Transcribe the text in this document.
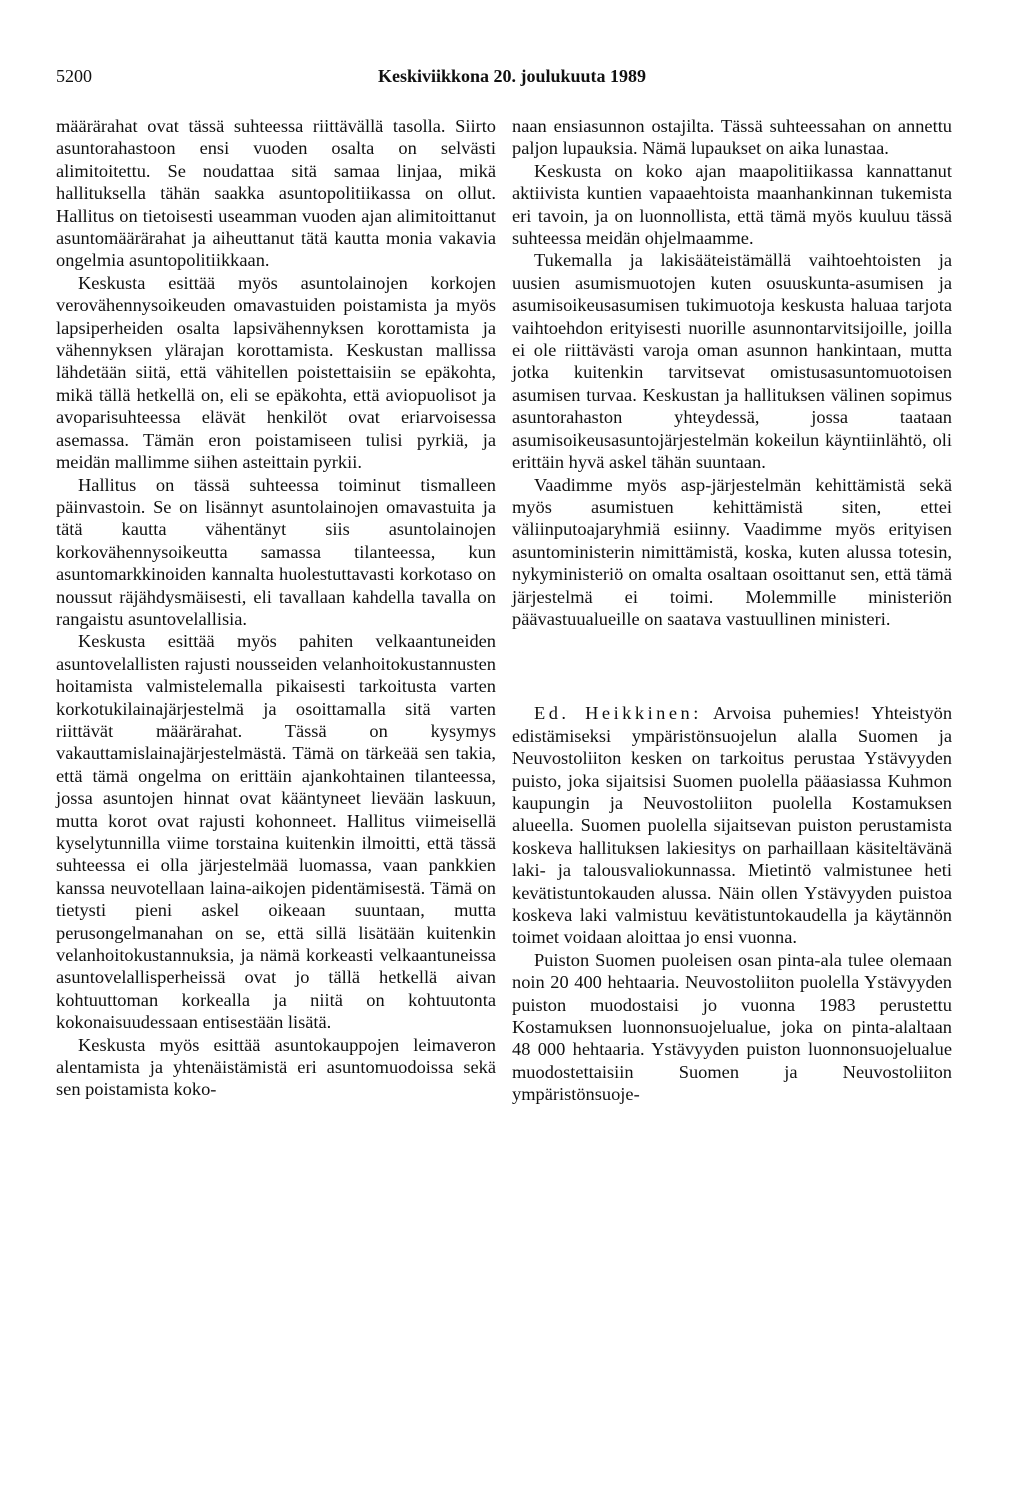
5200	Keskiviikkona 20. joulukuuta 1989

määrärahat ovat tässä suhteessa riittävällä tasolla. Siirto asuntorahastoon ensi vuoden osalta on selvästi alimitoitettu. Se noudattaa sitä samaa linjaa, mikä hallituksella tähän saakka asuntopolitiikassa on ollut. Hallitus on tietoisesti useamman vuoden ajan alimitoittanut asuntomäärärahat ja aiheuttanut tätä kautta monia vakavia ongelmia asuntopolitiikkaan.

Keskusta esittää myös asuntolainojen korkojen verovähennysoikeuden omavastuiden poistamista ja myös lapsiperheiden osalta lapsivähennyksen korottamista ja vähennyksen ylärajan korottamista. Keskustan mallissa lähdetään siitä, että vähitellen poistettaisiin se epäkohta, mikä tällä hetkellä on, eli se epäkohta, että aviopuolisot ja avoparisuhteessa elävät henkilöt ovat eriarvoisessa asemassa. Tämän eron poistamiseen tulisi pyrkiä, ja meidän mallimme siihen asteittain pyrkii.

Hallitus on tässä suhteessa toiminut tismalleen päinvastoin. Se on lisännyt asuntolainojen omavastuita ja tätä kautta vähentänyt siis asuntolainojen korkovähennysoikeutta samassa tilanteessa, kun asuntomarkkinoiden kannalta huolestuttavasti korkotaso on noussut räjähdysmäisesti, eli tavallaan kahdella tavalla on rangaistu asuntovelallisia.

Keskusta esittää myös pahiten velkaantuneiden asuntovelallisten rajusti nousseiden velanhoitokustannusten hoitamista valmistelemalla pikaisesti tarkoitusta varten korkotukilainajärjestelmä ja osoittamalla sitä varten riittävät määrärahat. Tässä on kysymys vakauttamislainajärjestelmästä. Tämä on tärkeää sen takia, että tämä ongelma on erittäin ajankohtainen tilanteessa, jossa asuntojen hinnat ovat kääntyneet lievään laskuun, mutta korot ovat rajusti kohonneet. Hallitus viimeisellä kyselytunnilla viime torstaina kuitenkin ilmoitti, että tässä suhteessa ei olla järjestelmää luomassa, vaan pankkien kanssa neuvotellaan laina-aikojen pidentämisestä. Tämä on tietysti pieni askel oikeaan suuntaan, mutta perusongelmanahan on se, että sillä lisätään kuitenkin velanhoitokustannuksia, ja nämä korkeasti velkaantuneissa asuntovelallisperheissä ovat jo tällä hetkellä aivan kohtuuttoman korkealla ja niitä on kohtuutonta kokonaisuudessaan entisestään lisätä.

Keskusta myös esittää asuntokauppojen leimaveron alentamista ja yhtenäistämistä eri asuntomuodoissa sekä sen poistamista koko-

naan ensiasunnon ostajilta. Tässä suhteessahan on annettu paljon lupauksia. Nämä lupaukset on aika lunastaa.

Keskusta on koko ajan maapolitiikassa kannattanut aktiivista kuntien vapaaehtoista maanhankinnan tukemista eri tavoin, ja on luonnollista, että tämä myös kuuluu tässä suhteessa meidän ohjelmaamme.

Tukemalla ja lakisääteistämällä vaihtoehtoisten ja uusien asumismuotojen kuten osuuskunta-asumisen ja asumisoikeusasumisen tukimuotoja keskusta haluaa tarjota vaihtoehdon erityisesti nuorille asunnontarvitsijoille, joilla ei ole riittävästi varoja oman asunnon hankintaan, mutta jotka kuitenkin tarvitsevat omistusasuntomuotoisen asumisen turvaa. Keskustan ja hallituksen välinen sopimus asuntorahaston yhteydessä, jossa taataan asumisoikeusasuntojärjestelmän kokeilun käyntiinlähtö, oli erittäin hyvä askel tähän suuntaan.

Vaadimme myös asp-järjestelmän kehittämistä sekä myös asumistuen kehittämistä siten, ettei väliinputoajaryhmiä esiinny. Vaadimme myös erityisen asuntoministerin nimittämistä, koska, kuten alussa totesin, nykyministeriö on omalta osaltaan osoittanut sen, että tämä järjestelmä ei toimi. Molemmille ministeriön päävastuualueille on saatava vastuullinen ministeri.

Ed. Heikkinen: Arvoisa puhemies! Yhteistyön edistämiseksi ympäristönsuojelun alalla Suomen ja Neuvostoliiton kesken on tarkoitus perustaa Ystävyyden puisto, joka sijaitsisi Suomen puolella pääasiassa Kuhmon kaupungin ja Neuvostoliiton puolella Kostamuksen alueella. Suomen puolella sijaitsevan puiston perustamista koskeva hallituksen lakiesitys on parhaillaan käsiteltävänä laki- ja talousvaliokunnassa. Mietintö valmistunee heti kevätistuntokauden alussa. Näin ollen Ystävyyden puistoa koskeva laki valmistuu kevätistuntokaudella ja käytännön toimet voidaan aloittaa jo ensi vuonna.

Puiston Suomen puoleisen osan pinta-ala tulee olemaan noin 20 400 hehtaaria. Neuvostoliiton puolella Ystävyyden puiston muodostaisi jo vuonna 1983 perustettu Kostamuksen luonnonsuojelualue, joka on pinta-alaltaan 48 000 hehtaaria. Ystävyyden puiston luonnonsuojelualue muodostettaisiin Suomen ja Neuvostoliiton ympäristönsuoje-
